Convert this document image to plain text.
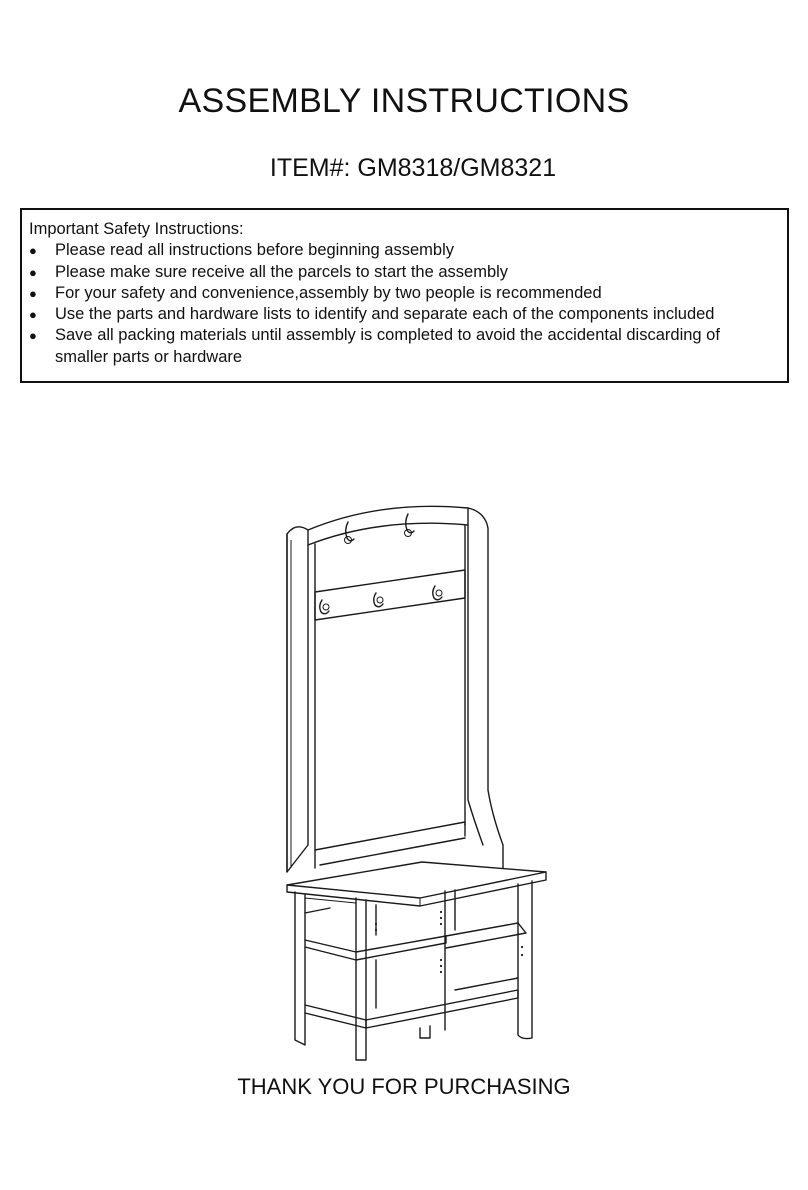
ASSEMBLY INSTRUCTIONS
ITEM#: GM8318/GM8321

Important Safety Instructions:

● Please read all instructions before beginning assembly
● Please make sure receive all the parcels to start the assembly
● For your safety and convenience,assembly by two people is recommended
● Use the parts and hardware lists to identify and separate each of the components included
● Save all packing materials until assembly is completed to avoid the accidental discarding of smaller parts or hardware

THANK YOU FOR PURCHASING
